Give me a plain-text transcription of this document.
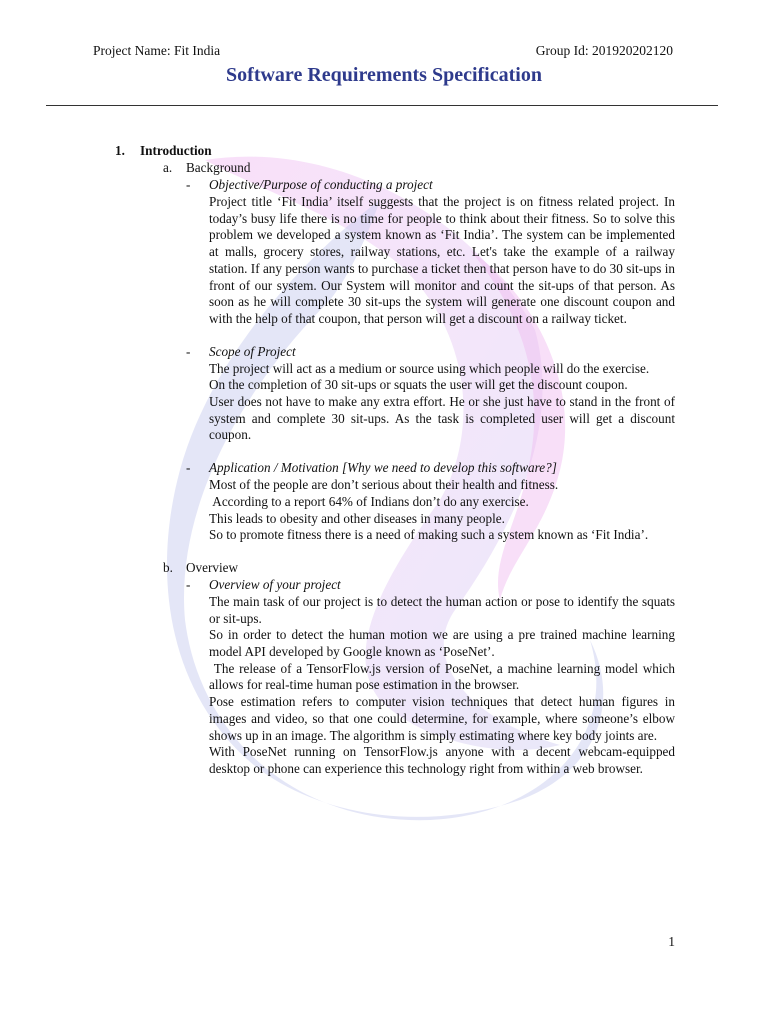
Project Name: Fit India	Group Id: 201920202120
Software Requirements Specification
1. Introduction
a. Background
- Objective/Purpose of conducting a project
Project title ‘Fit India’ itself suggests that the project is on fitness related project. In today’s busy life there is no time for people to think about their fitness. So to solve this problem we developed a system known as ‘Fit India’. The system can be implemented at malls, grocery stores, railway stations, etc. Let's take the example of a railway station. If any person wants to purchase a ticket then that person have to do 30 sit-ups in front of our system. Our System will monitor and count the sit-ups of that person. As soon as he will complete 30 sit-ups the system will generate one discount coupon and with the help of that coupon, that person will get a discount on a railway ticket.
- Scope of Project
The project will act as a medium or source using which people will do the exercise.
On the completion of 30 sit-ups or squats the user will get the discount coupon.
User does not have to make any extra effort. He or she just have to stand in the front of system and complete 30 sit-ups. As the task is completed user will get a discount coupon.
- Application / Motivation [Why we need to develop this software?]
Most of the people are don’t serious about their health and fitness.
According to a report 64% of Indians don’t do any exercise.
This leads to obesity and other diseases in many people.
So to promote fitness there is a need of making such a system known as ‘Fit India’.
b. Overview
- Overview of your project
The main task of our project is to detect the human action or pose to identify the squats or sit-ups.
So in order to detect the human motion we are using a pre trained machine learning model API developed by Google known as ‘PoseNet’.
The release of a TensorFlow.js version of PoseNet, a machine learning model which allows for real-time human pose estimation in the browser.
Pose estimation refers to computer vision techniques that detect human figures in images and video, so that one could determine, for example, where someone’s elbow shows up in an image. The algorithm is simply estimating where key body joints are.
With PoseNet running on TensorFlow.js anyone with a decent webcam-equipped desktop or phone can experience this technology right from within a web browser.
1
